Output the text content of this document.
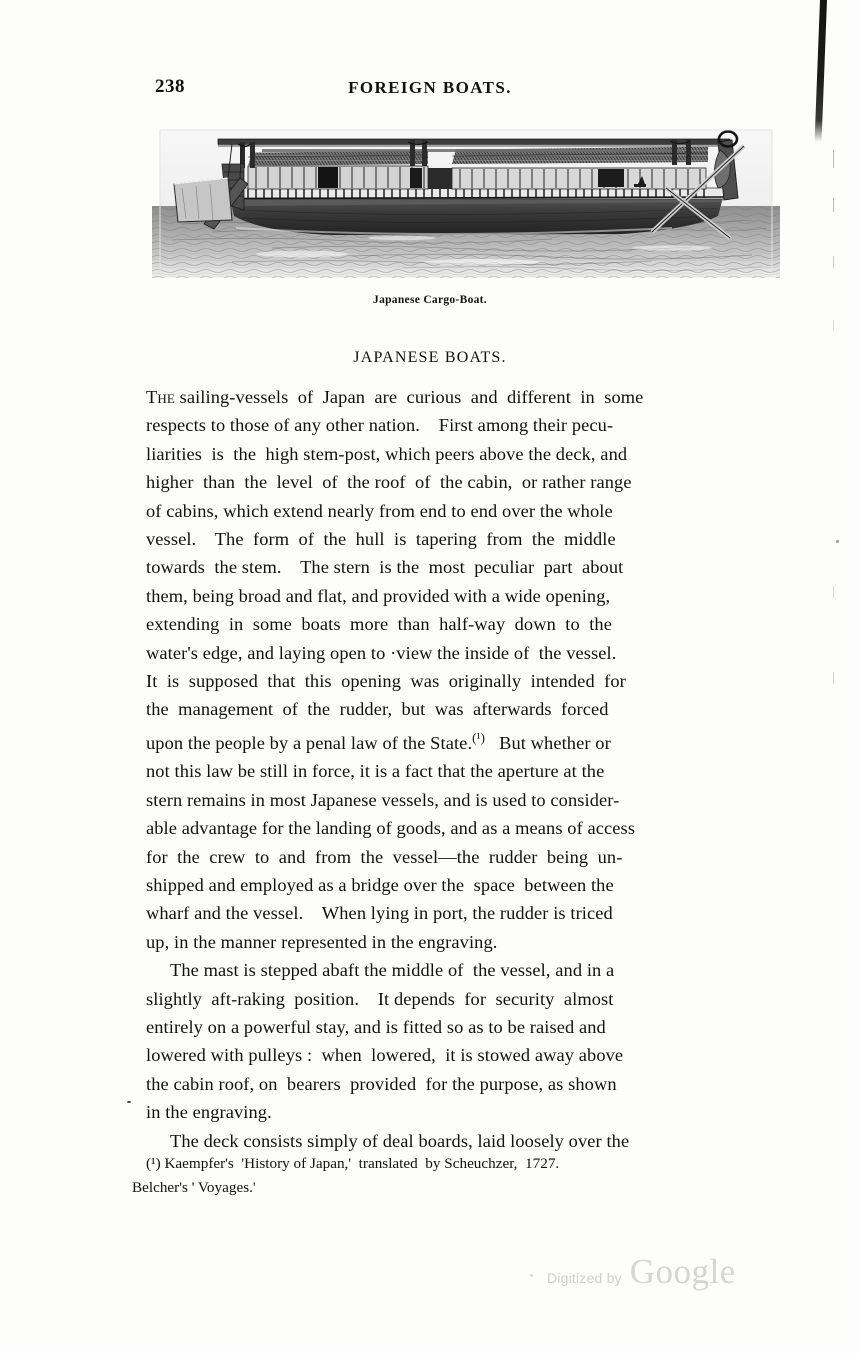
238	FOREIGN BOATS.
Japanese Cargo-Boat.
JAPANESE BOATS.
The sailing-vessels  of  Japan  are  curious  and  different  in  some
respects to those of any other nation.    First among their pecu-
liarities  is  the  high stem-post, which peers above the deck, and
higher  than  the  level  of  the roof  of  the cabin,  or rather range
of cabins, which extend nearly from end to end over the whole
vessel.    The  form  of  the  hull  is  tapering  from  the  middle
towards  the stem.    The stern  is the  most  peculiar  part  about
them, being broad and flat, and provided with a wide opening,
extending  in  some  boats  more  than  half-way  down  to  the
water's edge, and laying open to ·view the inside of  the vessel.
It  is  supposed  that  this  opening  was  originally  intended  for
the  management  of  the  rudder,  but  was  afterwards  forced
upon the people by a penal law of the State.$^{(^1)}$   But whether or
not this law be still in force, it is a fact that the aperture at the
stern remains in most Japanese vessels, and is used to consider-
able advantage for the landing of goods, and as a means of access
for  the  crew  to  and  from  the  vessel—the  rudder  being  un-
shipped and employed as a bridge over the  space  between the
wharf and the vessel.    When lying in port, the rudder is triced
up, in the manner represented in the engraving.
The mast is stepped abaft the middle of  the vessel, and in a
slightly  aft-raking  position.    It depends  for  security  almost
entirely on a powerful stay, and is fitted so as to be raised and
lowered with pulleys :  when  lowered,  it is stowed away above
the cabin roof, on  bearers  provided  for the purpose, as shown
in the engraving.
The deck consists simply of deal boards, laid loosely over the
(¹) Kaempfer's  'History of Japan,'  translated  by Scheuchzer,  1727.
Belcher's ' Voyages.'
Digitized by Google
